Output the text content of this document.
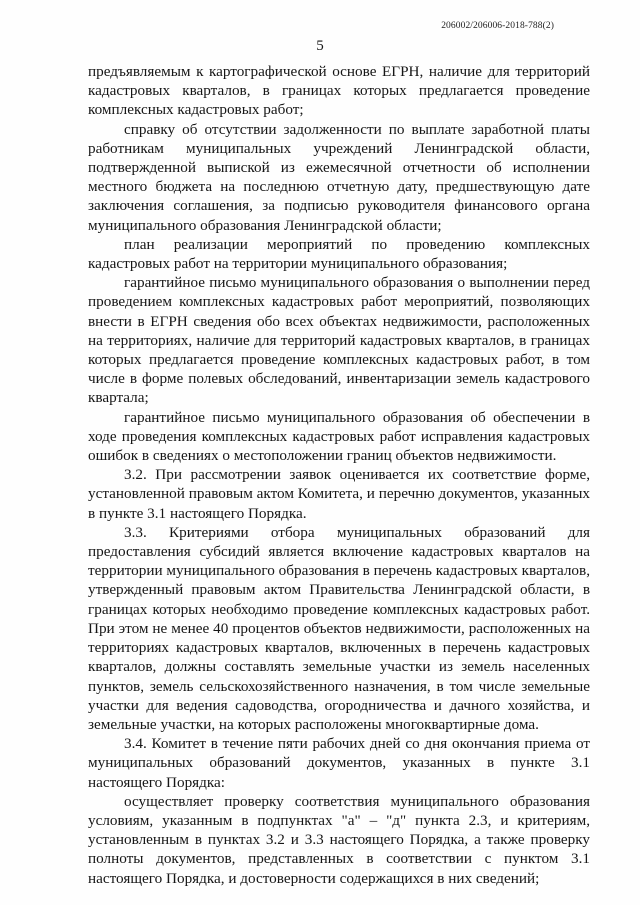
206002/206006-2018-788(2)
5

предъявляемым к картографической основе ЕГРН, наличие для территорий кадастровых кварталов, в границах которых предлагается проведение комплексных кадастровых работ;

справку об отсутствии задолженности по выплате заработной платы работникам муниципальных учреждений Ленинградской области, подтвержденной выпиской из ежемесячной отчетности об исполнении местного бюджета на последнюю отчетную дату, предшествующую дате заключения соглашения, за подписью руководителя финансового органа муниципального образования Ленинградской области;

план реализации мероприятий по проведению комплексных кадастровых работ на территории муниципального образования;

гарантийное письмо муниципального образования о выполнении перед проведением комплексных кадастровых работ мероприятий, позволяющих внести в ЕГРН сведения обо всех объектах недвижимости, расположенных на территориях, наличие для территорий кадастровых кварталов, в границах которых предлагается проведение комплексных кадастровых работ, в том числе в форме полевых обследований, инвентаризации земель кадастрового квартала;

гарантийное письмо муниципального образования об обеспечении в ходе проведения комплексных кадастровых работ исправления кадастровых ошибок в сведениях о местоположении границ объектов недвижимости.

3.2. При рассмотрении заявок оценивается их соответствие форме, установленной правовым актом Комитета, и перечню документов, указанных в пункте 3.1 настоящего Порядка.

3.3. Критериями отбора муниципальных образований для предоставления субсидий является включение кадастровых кварталов на территории муниципального образования в перечень кадастровых кварталов, утвержденный правовым актом Правительства Ленинградской области, в границах которых необходимо проведение комплексных кадастровых работ. При этом не менее 40 процентов объектов недвижимости, расположенных на территориях кадастровых кварталов, включенных в перечень кадастровых кварталов, должны составлять земельные участки из земель населенных пунктов, земель сельскохозяйственного назначения, в том числе земельные участки для ведения садоводства, огородничества и дачного хозяйства, и земельные участки, на которых расположены многоквартирные дома.

3.4. Комитет в течение пяти рабочих дней со дня окончания приема от муниципальных образований документов, указанных в пункте 3.1 настоящего Порядка:

осуществляет проверку соответствия муниципального образования условиям, указанным в подпунктах "а" – "д" пункта 2.3, и критериям, установленным в пунктах 3.2 и 3.3 настоящего Порядка, а также проверку полноты документов, представленных в соответствии с пунктом 3.1 настоящего Порядка, и достоверности содержащихся в них сведений;
